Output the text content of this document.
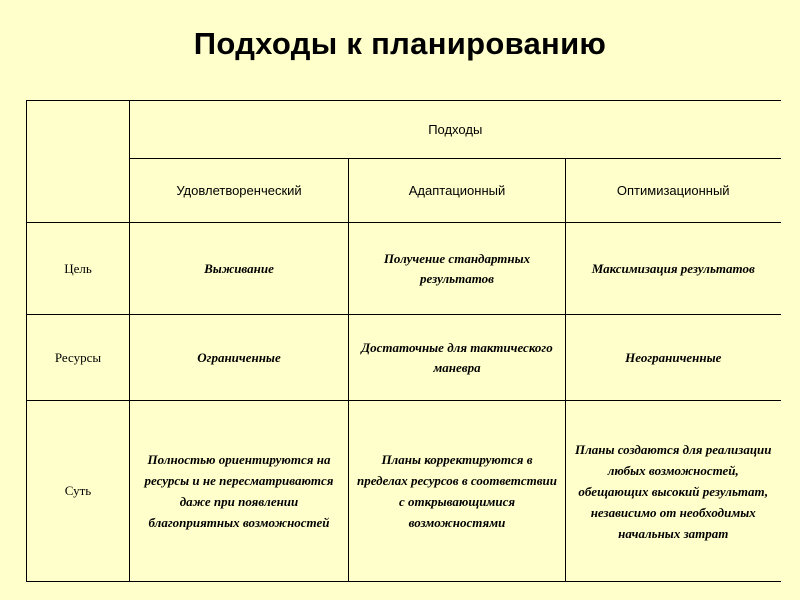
Подходы к планированию
	Подходы		
	Удовлетворенческий	Адаптационный	Оптимизационный
Цель	Выживание	Получение стандартных результатов	Максимизация результатов
Ресурсы	Ограниченные	Достаточные для тактического маневра	Неограниченные
Суть	Полностью ориентируются на ресурсы и не пересматриваются даже при появлении благоприятных возможностей	Планы корректируются в пределах ресурсов в соответствии с открывающимися возможностями	Планы создаются для реализации любых возможностей, обещающих высокий результат, независимо от необходимых начальных затрат
